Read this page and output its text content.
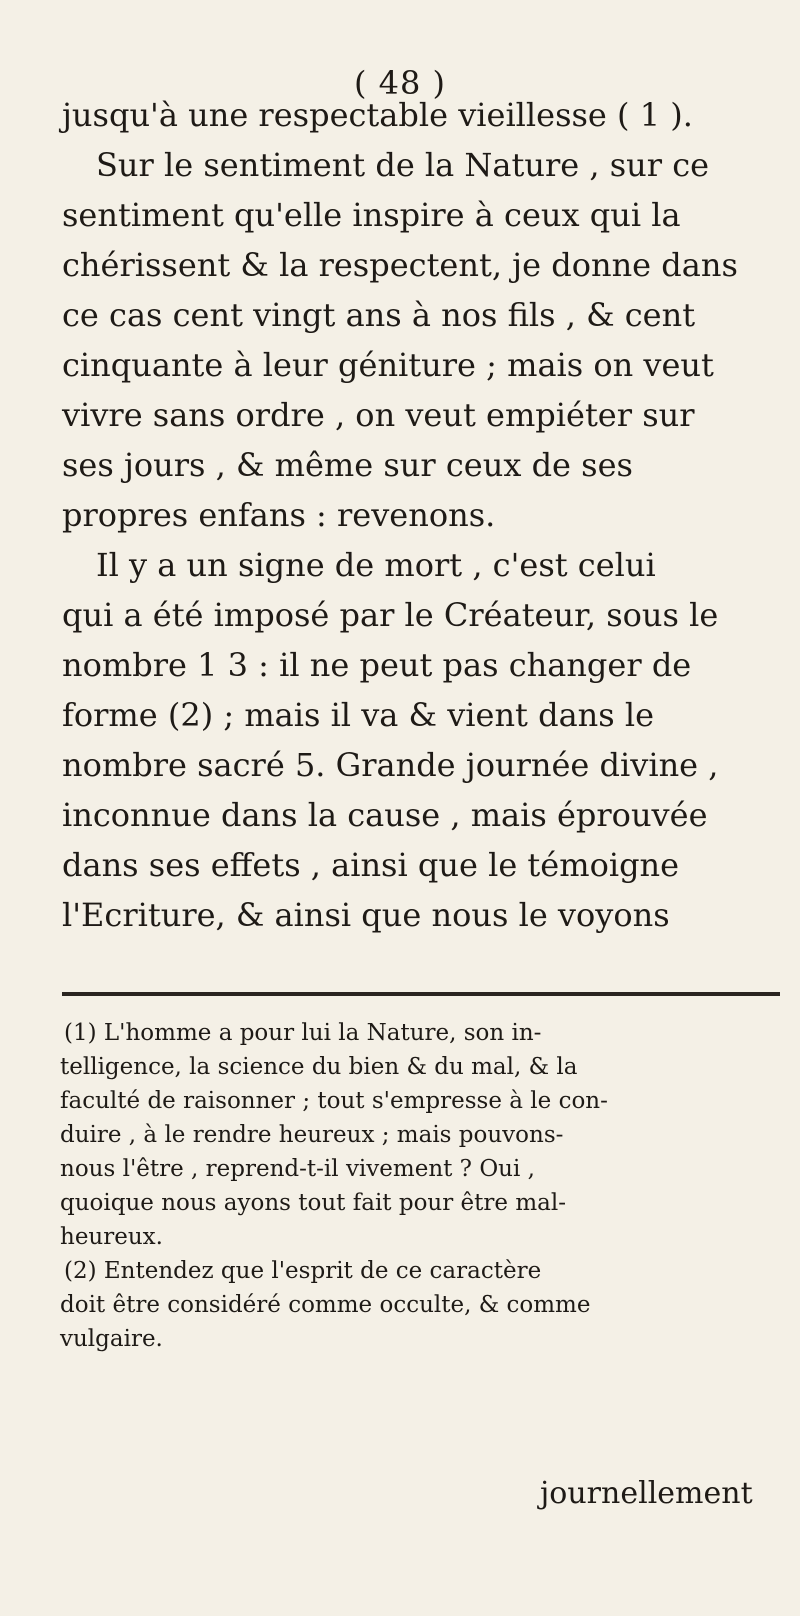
( 48 )
jusqu'à une respectable vieillesse ( 1 ).
Sur le sentiment de la Nature , sur ce
sentiment qu'elle inspire à ceux qui la
chérissent & la respectent, je donne dans
ce cas cent vingt ans à nos fils , & cent
cinquante à leur géniture ; mais on veut
vivre sans ordre , on veut empiéter sur
ses jours , & même sur ceux de ses
propres enfans : revenons.
Il y a un signe de mort , c'est celui
qui a été imposé par le Créateur, sous le
nombre 1 3 : il ne peut pas changer de
forme (2) ; mais il va & vient dans le
nombre sacré 5. Grande journée divine ,
inconnue dans la cause , mais éprouvée
dans ses effets , ainsi que le témoigne
l'Ecriture, & ainsi que nous le voyons
(1) L'homme a pour lui la Nature, son in-
telligence, la science du bien & du mal, & la
faculté de raisonner ; tout s'empresse à le con-
duire , à le rendre heureux ; mais pouvons-
nous l'être , reprend-t-il vivement ? Oui ,
quoique nous ayons tout fait pour être mal-
heureux.
(2) Entendez que l'esprit de ce caractère
doit être considéré comme occulte, & comme
vulgaire.
journellement
